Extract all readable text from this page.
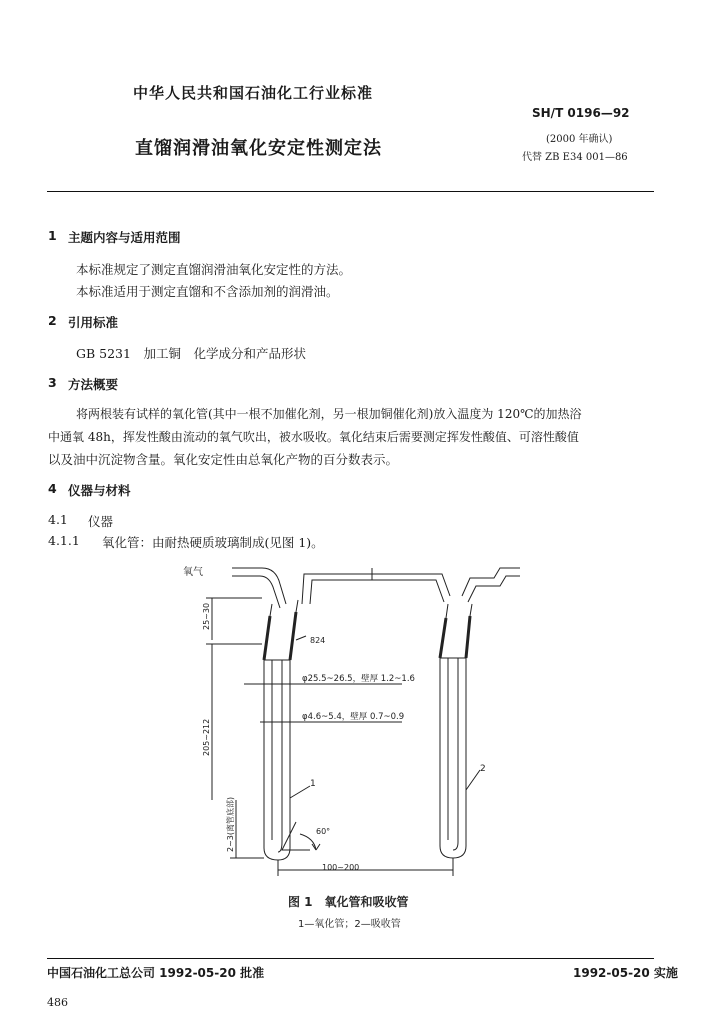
中华人民共和国石油化工行业标准
SH/T 0196—92
直馏润滑油氧化安定性测定法	(2000 年确认)
代替 ZB E34 001—86
1 主题内容与适用范围
本标准规定了测定直馏润滑油氧化安定性的方法。
本标准适用于测定直馏和不含添加剂的润滑油。
2 引用标准
GB 5231　加工铜　化学成分和产品形状
3 方法概要
将两根装有试样的氧化管(其中一根不加催化剂，另一根加铜催化剂)放入温度为 120℃的加热浴
中通氧 48h，挥发性酸由流动的氧气吹出，被水吸收。氧化结束后需要测定挥发性酸值、可溶性酸值
以及油中沉淀物含量。氧化安定性由总氧化产物的百分数表示。
4 仪器与材料
4.1 仪器
4.1.1 氧化管：由耐热硬质玻璃制成(见图 1)。
氧气
824
φ25.5~26.5，壁厚 1.2~1.6
φ4.6~5.4，壁厚 0.7~0.9
25~30
205~212
2~3(离管底部)	60°
100~200
1
2
图 1　氧化管和吸收管
1—氧化管；2—吸收管
中国石油化工总公司 1992-05-20 批准	1992-05-20 实施
486
